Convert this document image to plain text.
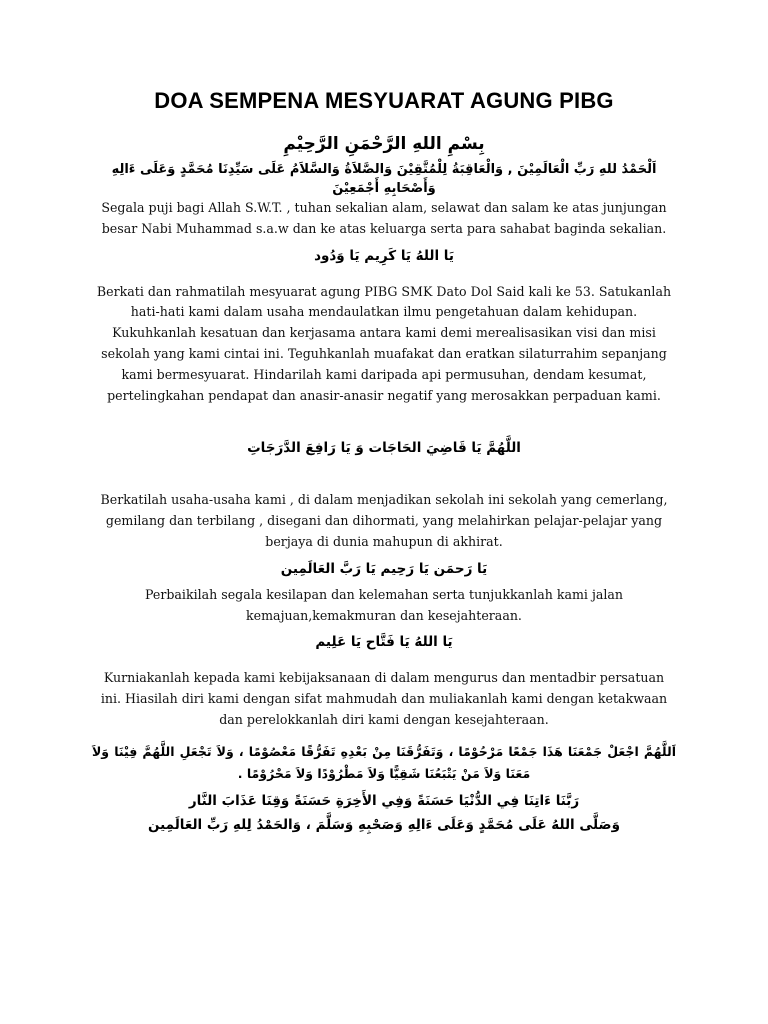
DOA SEMPENA MESYUARAT AGUNG PIBG

بِسْمِ اللهِ الرَّحْمَنِ الرَّحِيْمِ

اَلْحَمْدُ للهِ رَبِّ الْعَالَمِيْنَ , وَالْعَاقِبَةُ لِلْمُتَّقِيْنَ وَالصَّلاَةُ وَالسَّلاَمُ عَلَى سَيِّدِنَا مُحَمَّدٍ وَعَلَى ءَالِهِ وَأَصْحَابِهِ أَجْمَعِيْنَ

Segala puji bagi Allah S.W.T. , tuhan sekalian alam, selawat dan salam ke atas junjungan besar Nabi Muhammad s.a.w dan ke atas keluarga serta para sahabat baginda sekalian.

يَا اللهُ يَا كَرِيم يَا وَدُود

Berkati dan rahmatilah mesyuarat agung PIBG SMK Dato Dol Said kali ke 53. Satukanlah hati-hati kami dalam usaha mendaulatkan ilmu pengetahuan dalam kehidupan. Kukuhkanlah kesatuan dan kerjasama antara kami demi merealisasikan visi dan misi sekolah yang kami cintai ini. Teguhkanlah muafakat dan eratkan silaturrahim sepanjang kami bermesyuarat. Hindarilah kami daripada api permusuhan, dendam kesumat, pertelingkahan pendapat dan anasir-anasir negatif yang merosakkan perpaduan kami.

اللَّهُمَّ يَا قَاضِيَ الحَاجَات وَ يَا رَافِعَ الدَّرَجَاتِ

Berkatilah usaha-usaha kami , di dalam menjadikan sekolah ini sekolah yang cemerlang, gemilang dan terbilang , disegani dan dihormati, yang melahirkan pelajar-pelajar yang berjaya di dunia mahupun di akhirat.

يَا رَحمَن يَا رَحِيم يَا رَبَّ العَالَمِين

Perbaikilah segala kesilapan dan kelemahan serta tunjukkanlah kami jalan kemajuan,kemakmuran dan kesejahteraan.

يَا اللهُ يَا فَتَّاح يَا عَلِيم

Kurniakanlah kepada kami kebijaksanaan di dalam mengurus dan mentadbir persatuan ini. Hiasilah diri kami dengan sifat mahmudah dan muliakanlah kami dengan ketakwaan dan perelokkanlah diri kami dengan kesejahteraan.

اَللَّهُمَّ اجْعَلْ جَمْعَنَا هَذَا جَمْعًا مَرْحُوْمًا ، وَتَفَرُّقَنَا مِنْ بَعْدِهِ تَفَرُّقًا مَعْصُوْمًا ، وَلاَ تَجْعَلِ اللَّهُمَّ فِيْنَا وَلاَ مَعَنَا وَلاَ مَنْ يَتْبَعُنَا شَقِيًّا وَلاَ مَطْرُوْدًا وَلاَ مَحْرُوْمًا .

رَبَّنَا ءَاتِنَا فِي الدُّنْيَا حَسَنَةً وَفِي الأَخِرَةِ حَسَنَةً وَقِنَا عَذَابَ النَّار

وَصَلَّى اللهُ عَلَى مُحَمَّدٍ وَعَلَى ءَالِهِ وَصَحْبِهِ وَسَلَّمَ ، وَالحَمْدُ لِلهِ رَبِّ العَالَمِين
